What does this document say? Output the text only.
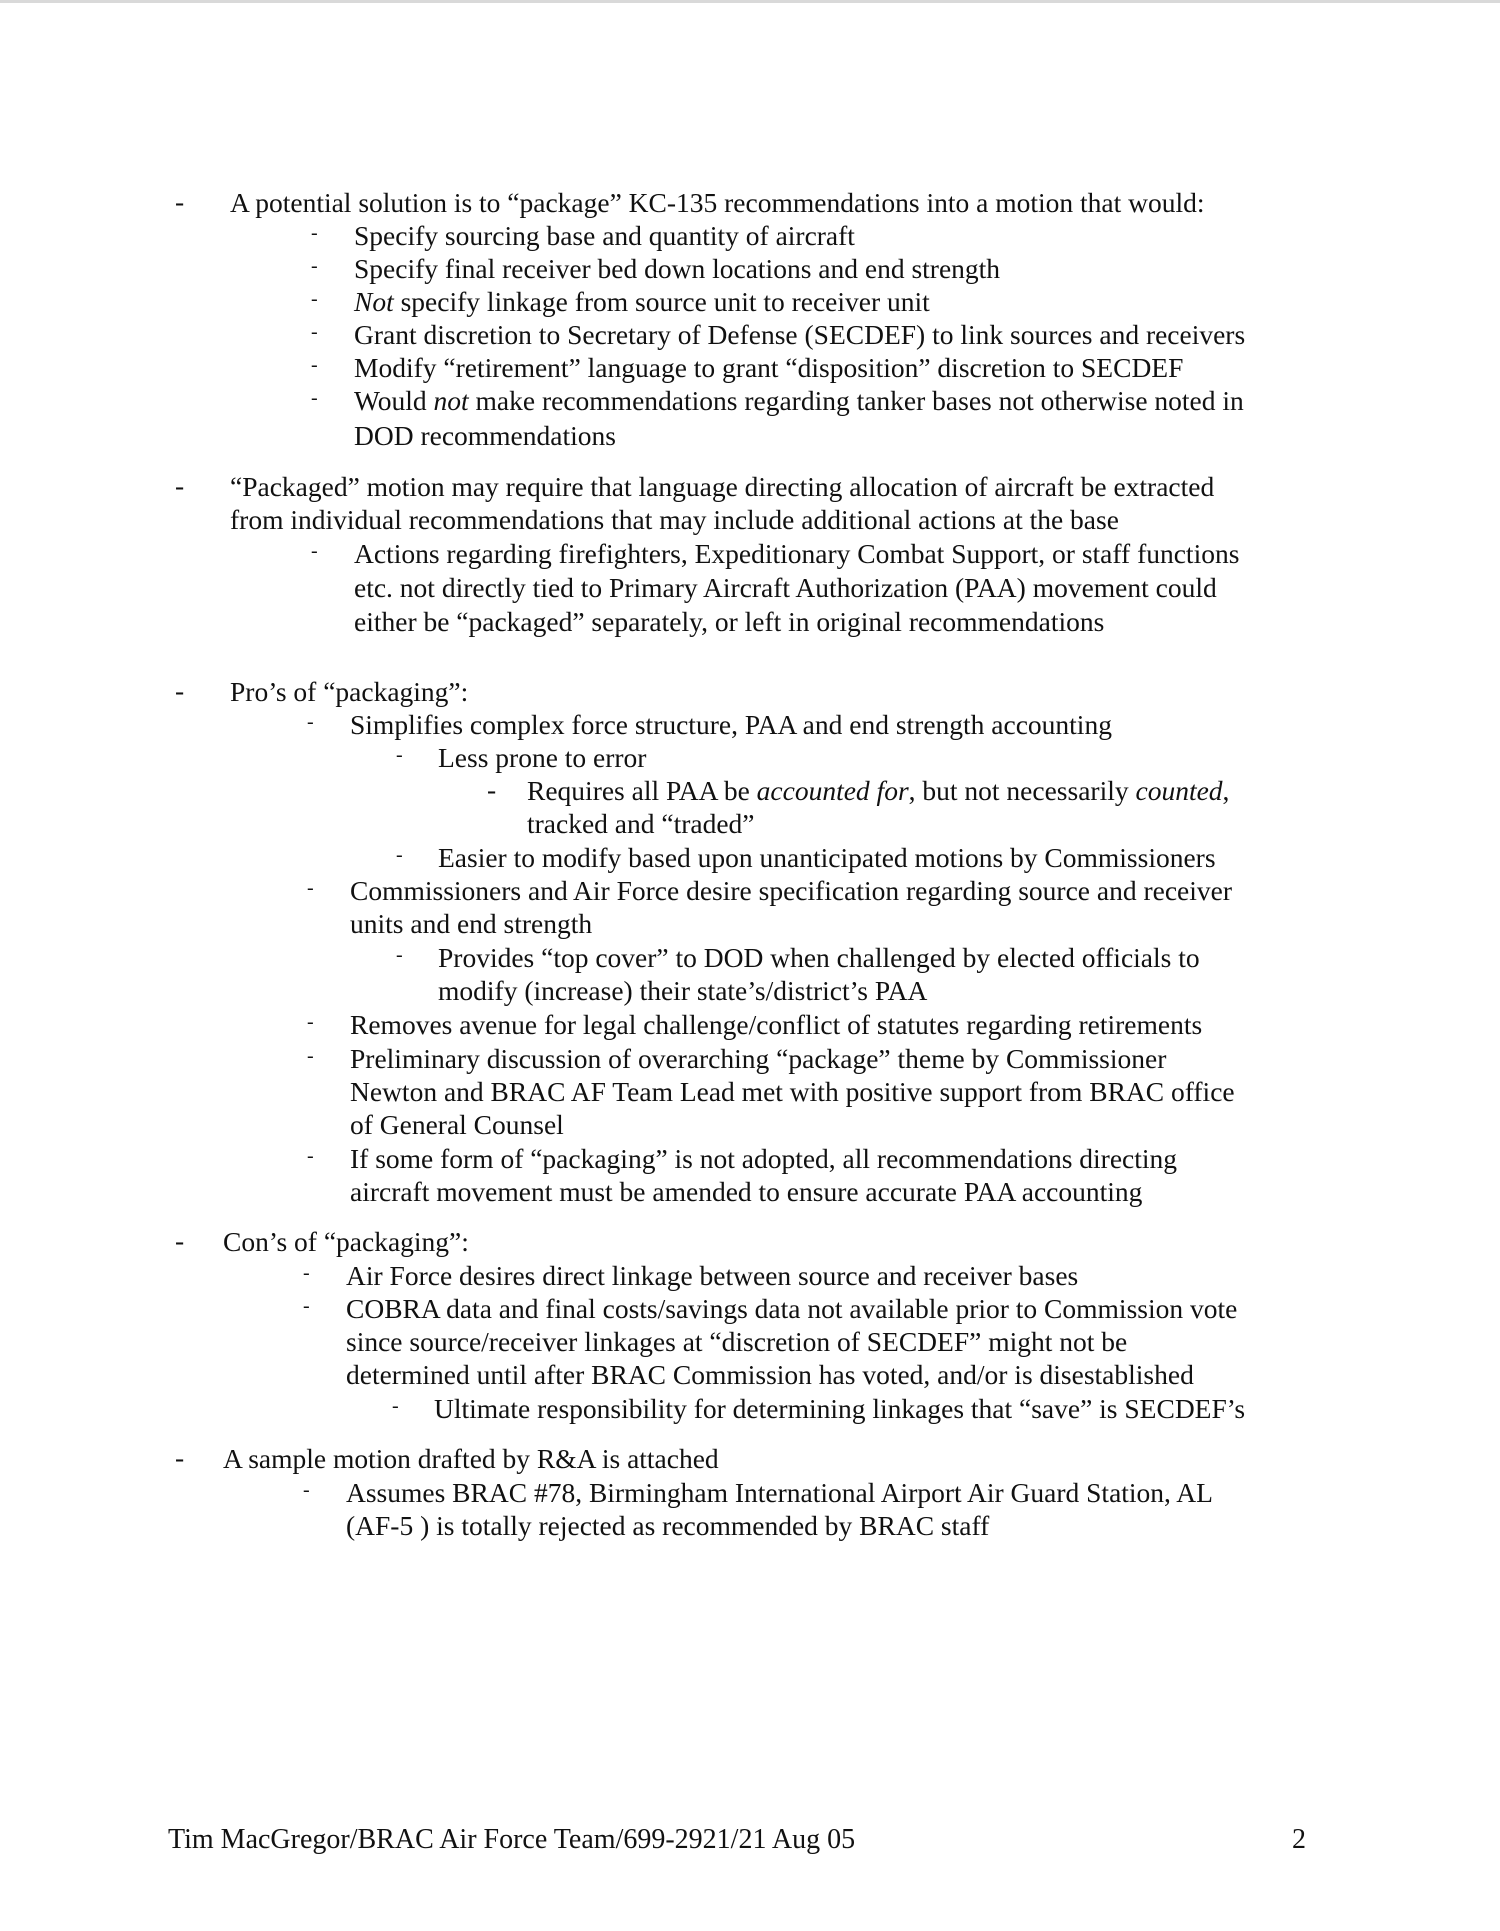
- A potential solution is to “package” KC-135 recommendations into a motion that would:
- Specify sourcing base and quantity of aircraft
- Specify final receiver bed down locations and end strength
- Not specify linkage from source unit to receiver unit
- Grant discretion to Secretary of Defense (SECDEF) to link sources and receivers
- Modify “retirement” language to grant “disposition” discretion to SECDEF
- Would not make recommendations regarding tanker bases not otherwise noted in
DOD recommendations
- “Packaged” motion may require that language directing allocation of aircraft be extracted
from individual recommendations that may include additional actions at the base
- Actions regarding firefighters, Expeditionary Combat Support, or staff functions
etc. not directly tied to Primary Aircraft Authorization (PAA) movement could
either be “packaged” separately, or left in original recommendations
- Pro’s of “packaging”:
- Simplifies complex force structure, PAA and end strength accounting
- Less prone to error
- Requires all PAA be accounted for, but not necessarily counted,
tracked and “traded”
- Easier to modify based upon unanticipated motions by Commissioners
- Commissioners and Air Force desire specification regarding source and receiver
units and end strength
- Provides “top cover” to DOD when challenged by elected officials to
modify (increase) their state’s/district’s PAA
- Removes avenue for legal challenge/conflict of statutes regarding retirements
- Preliminary discussion of overarching “package” theme by Commissioner
Newton and BRAC AF Team Lead met with positive support from BRAC office
of General Counsel
- If some form of “packaging” is not adopted, all recommendations directing
aircraft movement must be amended to ensure accurate PAA accounting
- Con’s of “packaging”:
- Air Force desires direct linkage between source and receiver bases
- COBRA data and final costs/savings data not available prior to Commission vote
since source/receiver linkages at “discretion of SECDEF” might not be
determined until after BRAC Commission has voted, and/or is disestablished
- Ultimate responsibility for determining linkages that “save” is SECDEF’s
- A sample motion drafted by R&A is attached
- Assumes BRAC #78, Birmingham International Airport Air Guard Station, AL
(AF-5 ) is totally rejected as recommended by BRAC staff
Tim MacGregor/BRAC Air Force Team/699-2921/21 Aug 05	2
